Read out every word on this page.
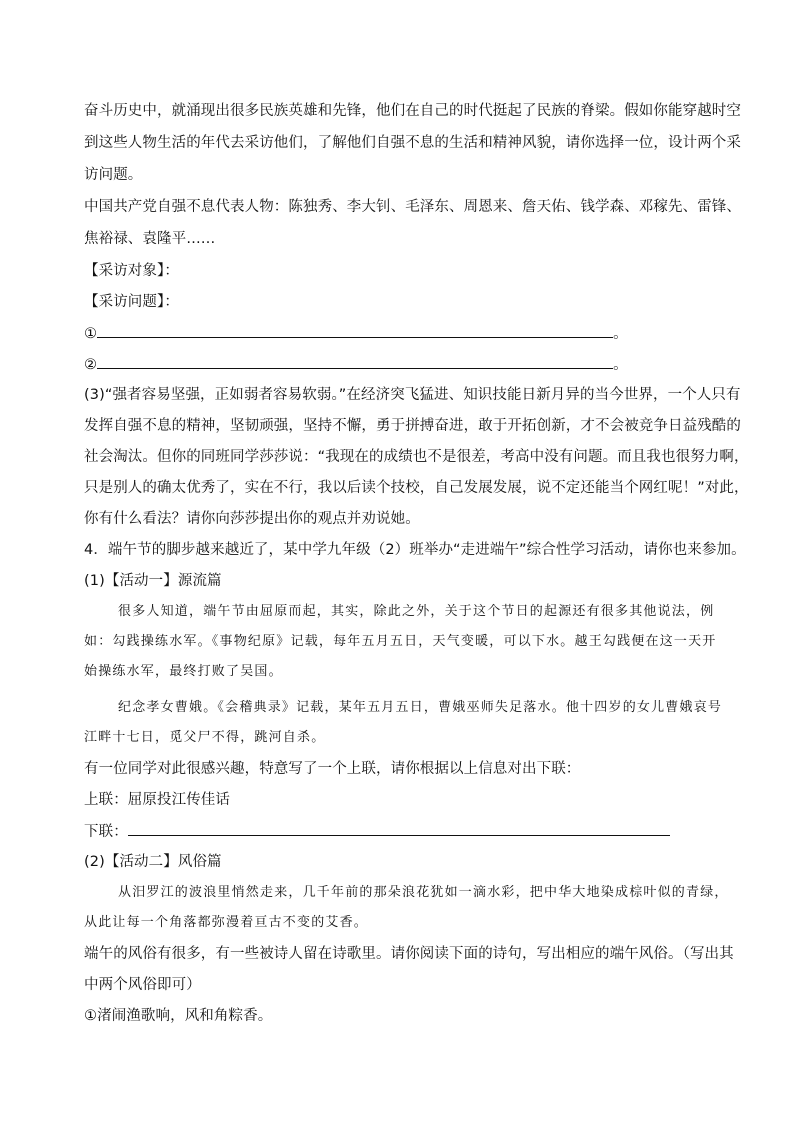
奋斗历史中，就涌现出很多民族英雄和先锋，他们在自己的时代挺起了民族的脊梁。假如你能穿越时空
到这些人物生活的年代去采访他们，了解他们自强不息的生活和精神风貌，请你选择一位，设计两个采
访问题。
中国共产党自强不息代表人物：陈独秀、李大钊、毛泽东、周恩来、詹天佑、钱学森、邓稼先、雷锋、
焦裕禄、袁隆平……
【采访对象】：
【采访问题】：
①	。
②	。
(3)“强者容易坚强，正如弱者容易软弱。”在经济突飞猛进、知识技能日新月异的当今世界，一个人只有
发挥自强不息的精神，坚韧顽强，坚持不懈，勇于拼搏奋进，敢于开拓创新，才不会被竞争日益残酷的
社会淘汰。但你的同班同学莎莎说：“我现在的成绩也不是很差，考高中没有问题。而且我也很努力啊，
只是别人的确太优秀了，实在不行，我以后读个技校，自己发展发展，说不定还能当个网红呢！”对此，
你有什么看法？请你向莎莎提出你的观点并劝说她。
4．端午节的脚步越来越近了，某中学九年级（2）班举办“走进端午”综合性学习活动，请你也来参加。
(1)【活动一】源流篇
很多人知道，端午节由屈原而起，其实，除此之外，关于这个节日的起源还有很多其他说法，例
如：勾践操练水军。《事物纪原》记载，每年五月五日，天气变暖，可以下水。越王勾践便在这一天开
始操练水军，最终打败了吴国。
纪念孝女曹娥。《会稽典录》记载，某年五月五日，曹娥巫师失足落水。他十四岁的女儿曹娥哀号
江畔十七日，觅父尸不得，跳河自杀。
有一位同学对此很感兴趣，特意写了一个上联，请你根据以上信息对出下联：
上联：屈原投江传佳话
下联：
(2)【活动二】风俗篇
从汨罗江的波浪里悄然走来，几千年前的那朵浪花犹如一滴水彩，把中华大地染成棕叶似的青绿，
从此让每一个角落都弥漫着亘古不变的艾香。
端午的风俗有很多，有一些被诗人留在诗歌里。请你阅读下面的诗句，写出相应的端午风俗。（写出其
中两个风俗即可）
①渚闹渔歌响，风和角粽香。
